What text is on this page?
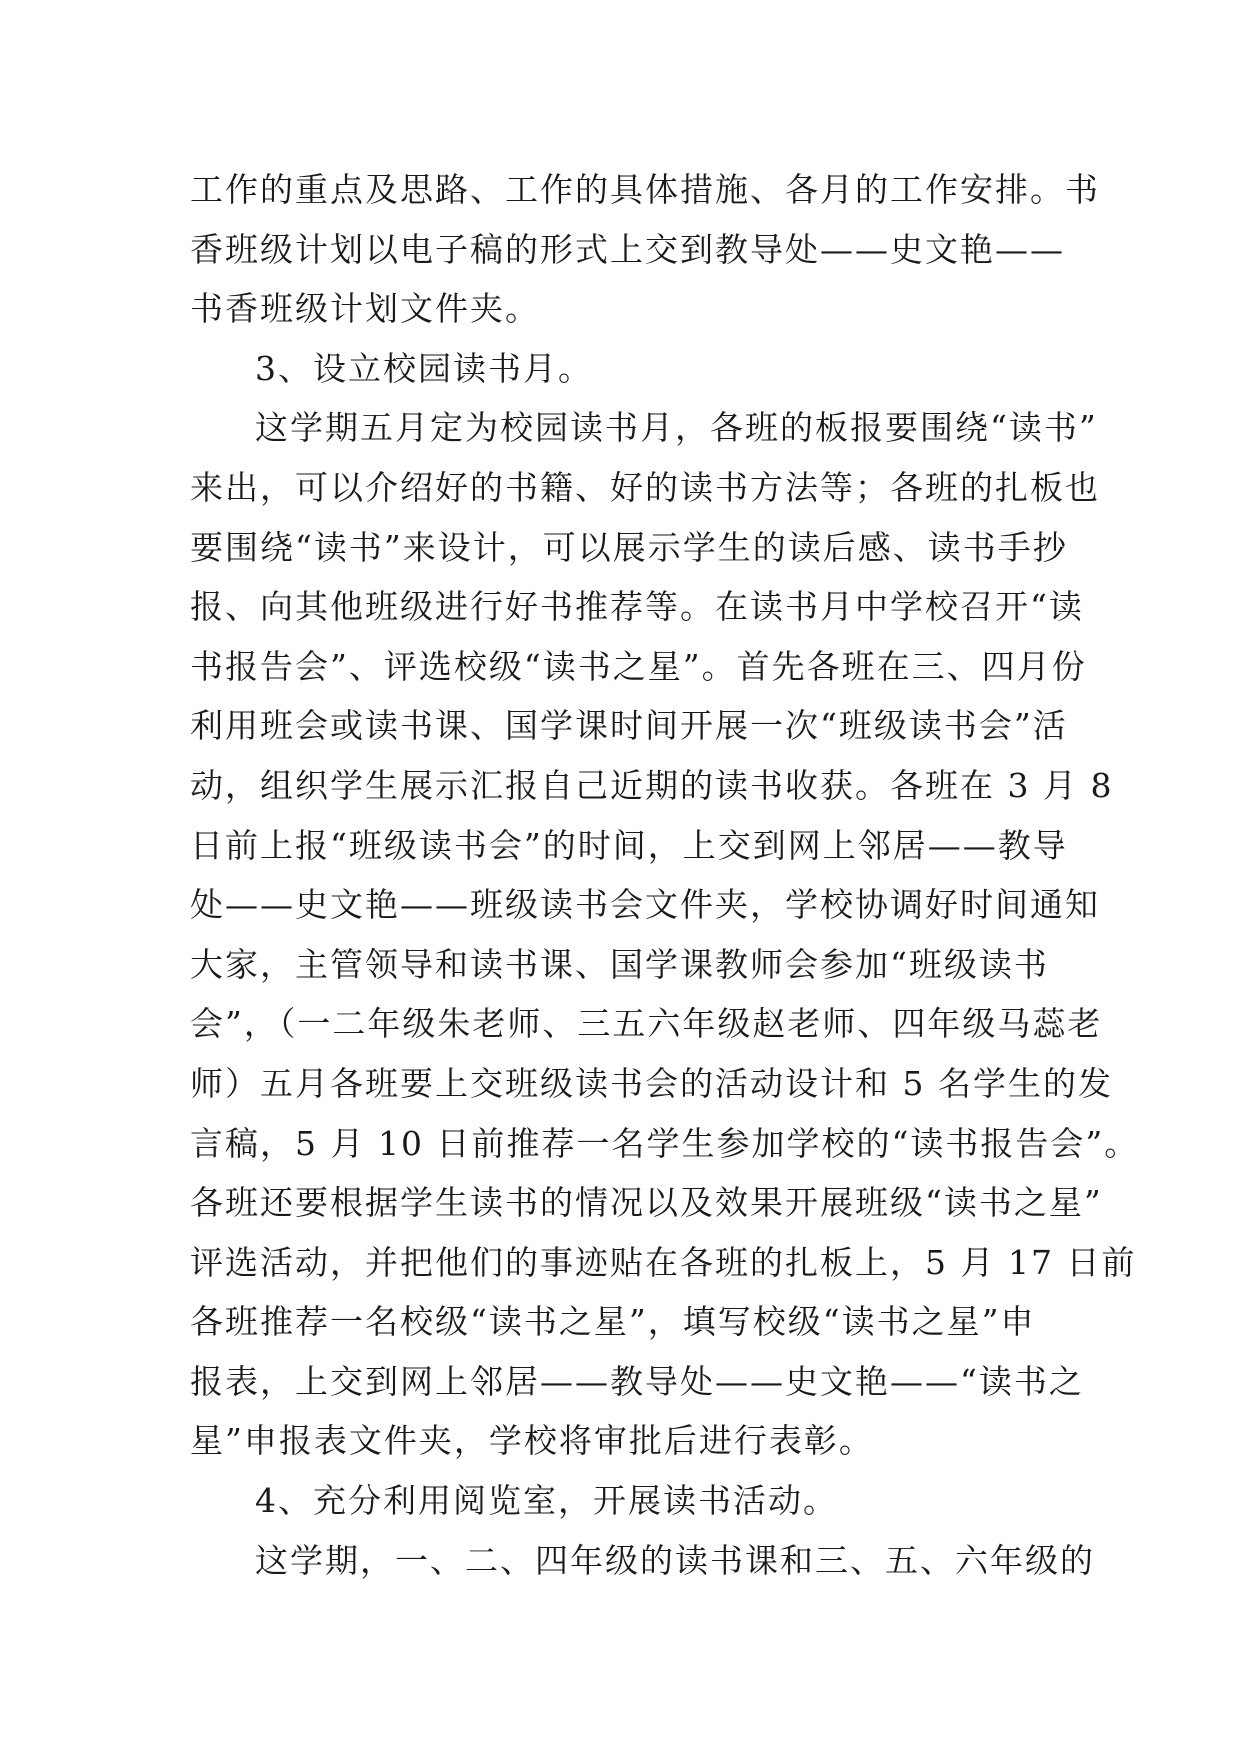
工作的重点及思路、工作的具体措施、各月的工作安排。书
香班级计划以电子稿的形式上交到教导处——史文艳——
书香班级计划文件夹。
3、设立校园读书月。
这学期五月定为校园读书月，各班的板报要围绕“读书”
来出，可以介绍好的书籍、好的读书方法等；各班的扎板也
要围绕“读书”来设计，可以展示学生的读后感、读书手抄
报、向其他班级进行好书推荐等。在读书月中学校召开“读
书报告会”、评选校级“读书之星”。首先各班在三、四月份
利用班会或读书课、国学课时间开展一次“班级读书会”活
动，组织学生展示汇报自己近期的读书收获。各班在 3 月 8
日前上报“班级读书会”的时间，上交到网上邻居——教导
处——史文艳——班级读书会文件夹，学校协调好时间通知
大家，主管领导和读书课、国学课教师会参加“班级读书
会”，（一二年级朱老师、三五六年级赵老师、四年级马蕊老
师）五月各班要上交班级读书会的活动设计和 5 名学生的发
言稿，5 月 10 日前推荐一名学生参加学校的“读书报告会”。
各班还要根据学生读书的情况以及效果开展班级“读书之星”
评选活动，并把他们的事迹贴在各班的扎板上，5 月 17 日前
各班推荐一名校级“读书之星”，填写校级“读书之星”申
报表，上交到网上邻居——教导处——史文艳——“读书之
星”申报表文件夹，学校将审批后进行表彰。
4、充分利用阅览室，开展读书活动。
这学期，一、二、四年级的读书课和三、五、六年级的
